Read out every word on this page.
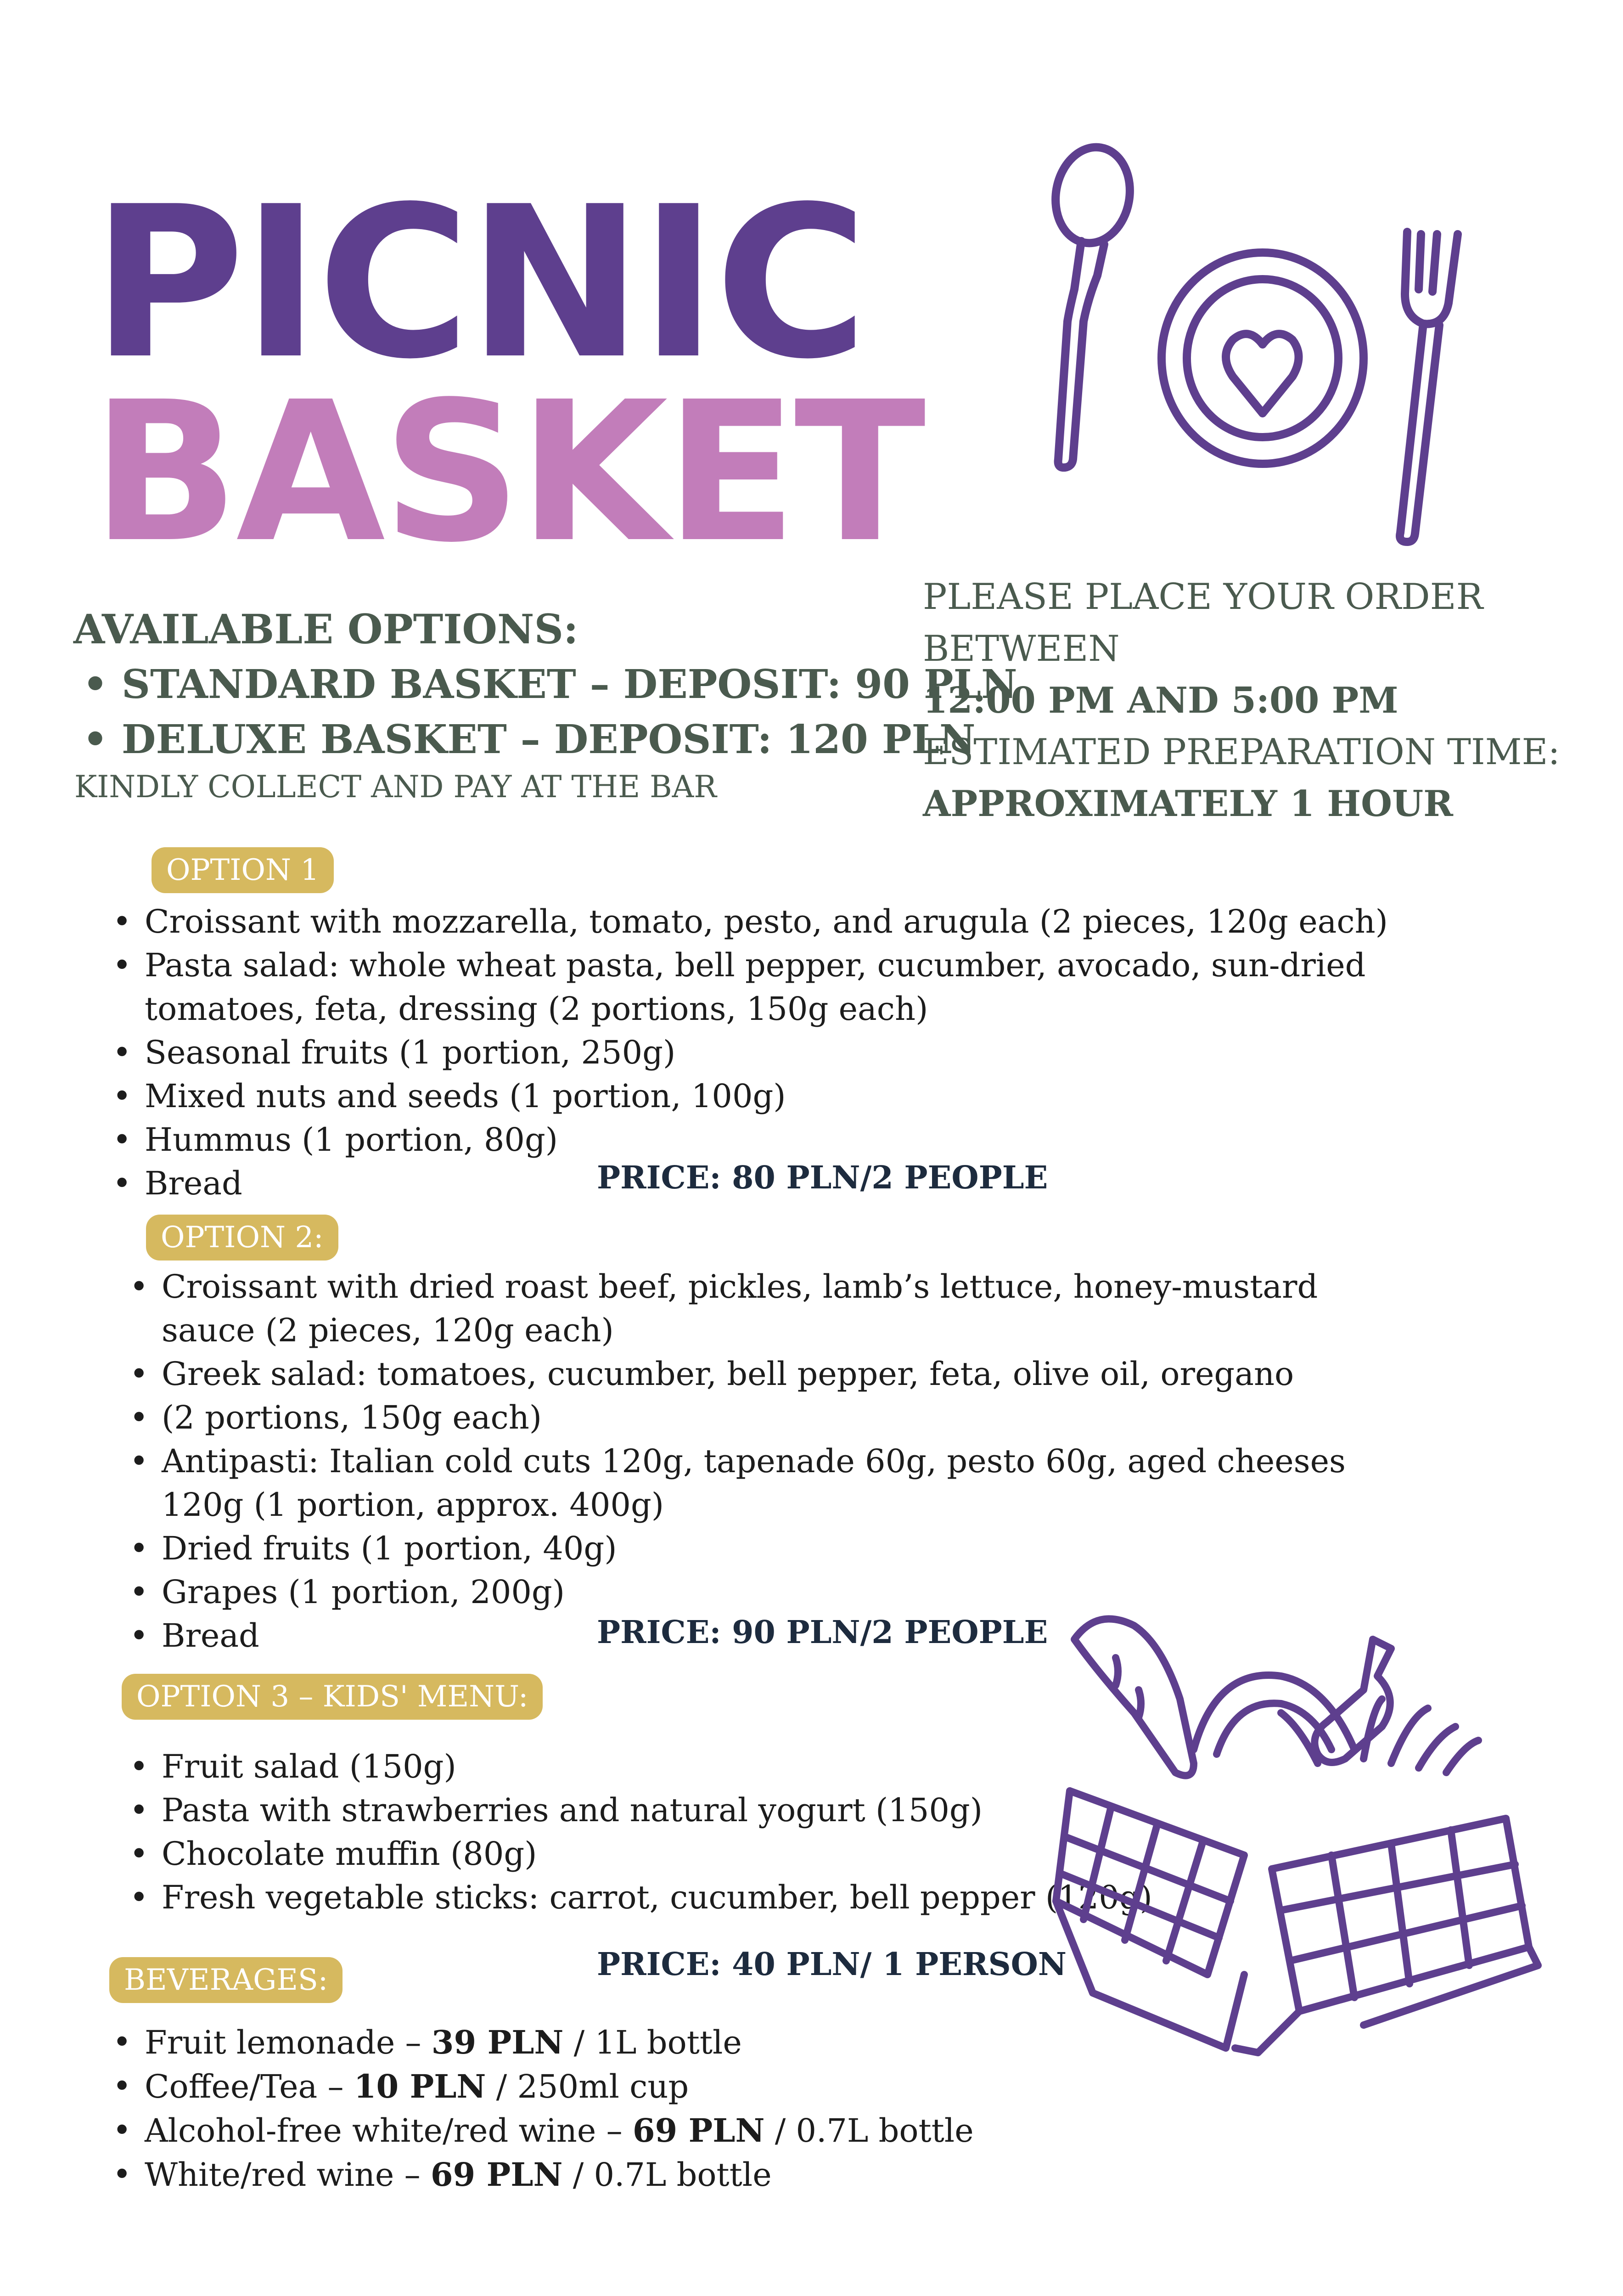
PICNIC
BASKET
AVAILABLE OPTIONS:
• STANDARD BASKET – DEPOSIT: 90 PLN
• DELUXE BASKET – DEPOSIT: 120 PLN
KINDLY COLLECT AND PAY AT THE BAR
PLEASE PLACE YOUR ORDER
BETWEEN
12:00 PM AND 5:00 PM
ESTIMATED PREPARATION TIME:
APPROXIMATELY 1 HOUR
OPTION 1
• Croissant with mozzarella, tomato, pesto, and arugula (2 pieces, 120g each)
• Pasta salad: whole wheat pasta, bell pepper, cucumber, avocado, sun-dried
tomatoes, feta, dressing (2 portions, 150g each)
• Seasonal fruits (1 portion, 250g)
• Mixed nuts and seeds (1 portion, 100g)
• Hummus (1 portion, 80g)
• Bread	PRICE: 80 PLN/2 PEOPLE
OPTION 2:
• Croissant with dried roast beef, pickles, lamb’s lettuce, honey-mustard
sauce (2 pieces, 120g each)
• Greek salad: tomatoes, cucumber, bell pepper, feta, olive oil, oregano
• (2 portions, 150g each)
• Antipasti: Italian cold cuts 120g, tapenade 60g, pesto 60g, aged cheeses
120g (1 portion, approx. 400g)
• Dried fruits (1 portion, 40g)
• Grapes (1 portion, 200g)
• Bread	PRICE: 90 PLN/2 PEOPLE
OPTION 3 – KIDS' MENU:
• Fruit salad (150g)
• Pasta with strawberries and natural yogurt (150g)
• Chocolate muffin (80g)
• Fresh vegetable sticks: carrot, cucumber, bell pepper (120g)
PRICE: 40 PLN/ 1 PERSON
BEVERAGES:
• Fruit lemonade – 39 PLN / 1L bottle
• Coffee/Tea – 10 PLN / 250ml cup
• Alcohol-free white/red wine – 69 PLN / 0.7L bottle
• White/red wine – 69 PLN / 0.7L bottle
